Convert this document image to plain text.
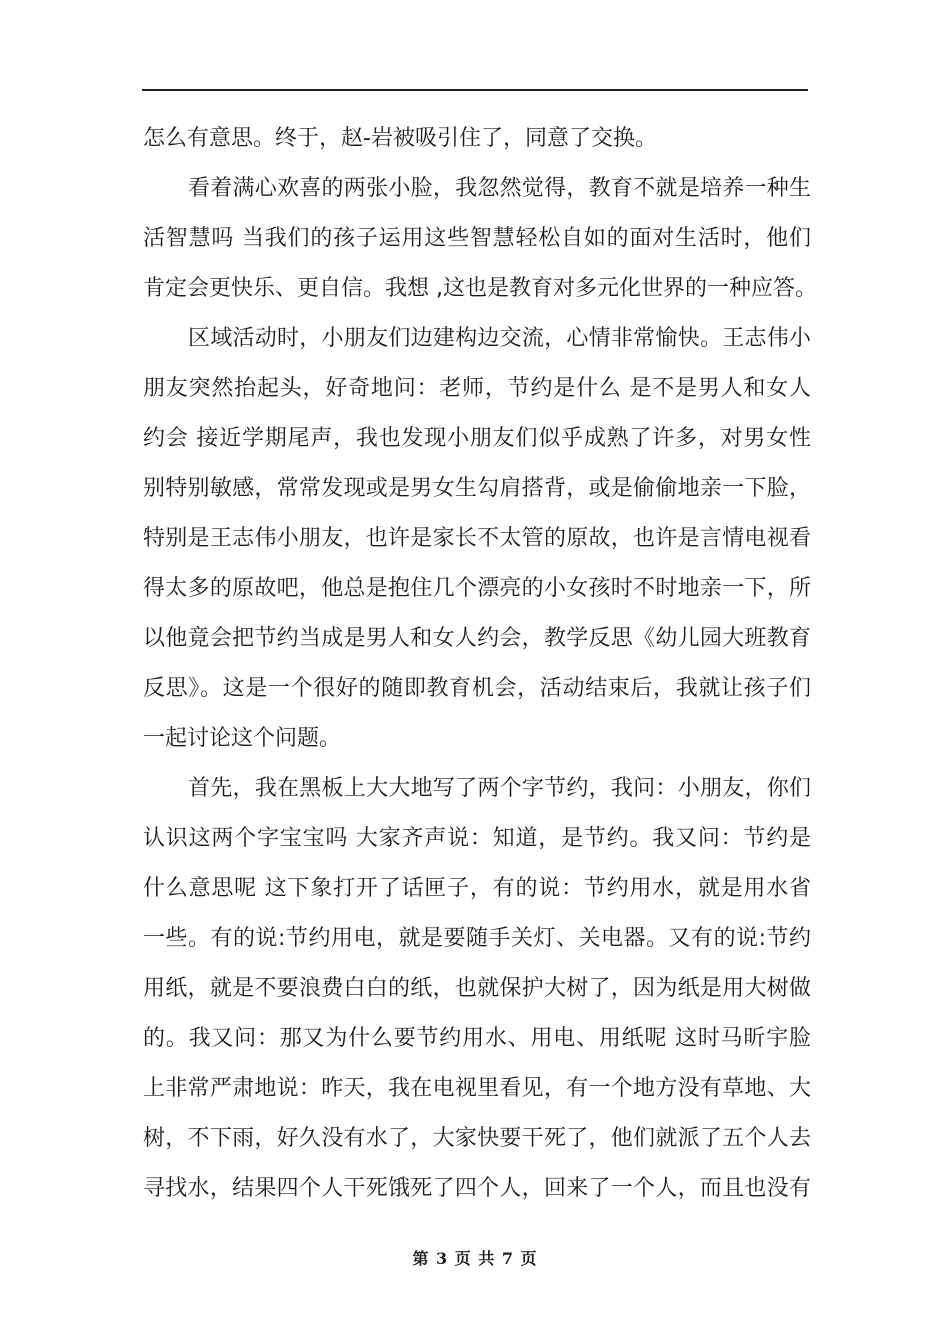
怎么有意思。终于，赵-岩被吸引住了，同意了交换。
看着满心欢喜的两张小脸，我忽然觉得，教育不就是培养一种生
活智慧吗 当我们的孩子运用这些智慧轻松自如的面对生活时，他们
肯定会更快乐、更自信。我想 ,这也是教育对多元化世界的一种应答。
区域活动时，小朋友们边建构边交流，心情非常愉快。王志伟小
朋友突然抬起头，好奇地问：老师，节约是什么 是不是男人和女人
约会 接近学期尾声，我也发现小朋友们似乎成熟了许多，对男女性
别特别敏感，常常发现或是男女生勾肩搭背，或是偷偷地亲一下脸，
特别是王志伟小朋友，也许是家长不太管的原故，也许是言情电视看
得太多的原故吧，他总是抱住几个漂亮的小女孩时不时地亲一下，所
以他竟会把节约当成是男人和女人约会，教学反思《幼儿园大班教育
反思》。这是一个很好的随即教育机会，活动结束后，我就让孩子们
一起讨论这个问题。
首先，我在黑板上大大地写了两个字节约，我问：小朋友，你们
认识这两个字宝宝吗 大家齐声说：知道，是节约。我又问：节约是
什么意思呢 这下象打开了话匣子，有的说：节约用水，就是用水省
一些。有的说:节约用电，就是要随手关灯、关电器。又有的说:节约
用纸，就是不要浪费白白的纸，也就保护大树了，因为纸是用大树做
的。我又问：那又为什么要节约用水、用电、用纸呢 这时马昕宇脸
上非常严肃地说：昨天，我在电视里看见，有一个地方没有草地、大
树，不下雨，好久没有水了，大家快要干死了，他们就派了五个人去
寻找水，结果四个人干死饿死了四个人，回来了一个人，而且也没有
第 3 页 共 7 页
